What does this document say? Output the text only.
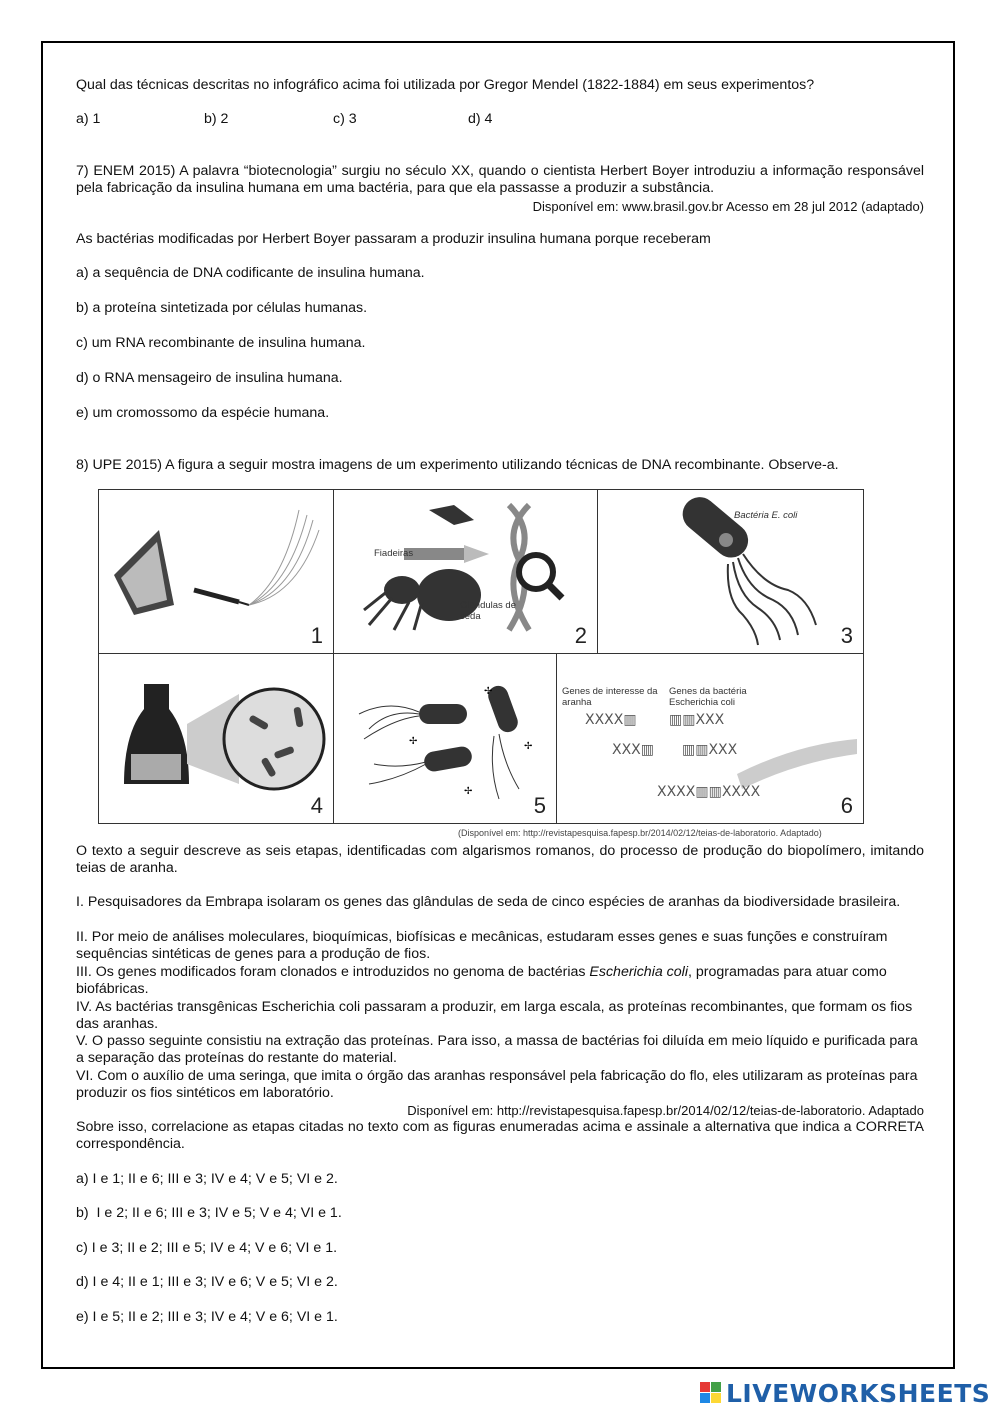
Qual das técnicas descritas no infográfico acima foi utilizada por Gregor Mendel (1822-1884) em seus experimentos?

a) 1	b) 2	c) 3	d) 4

7) ENEM 2015) A palavra “biotecnologia” surgiu no século XX, quando o cientista Herbert Boyer introduziu a informação responsável pela fabricação da insulina humana em uma bactéria, para que ela passasse a produzir a substância.

Disponível em: www.brasil.gov.br Acesso em 28 jul 2012 (adaptado)

As bactérias modificadas por Herbert Boyer passaram a produzir insulina humana porque receberam

a) a sequência de DNA codificante de insulina humana.

b) a proteína sintetizada por células humanas.

c) um RNA recombinante de insulina humana.

d) o RNA mensageiro de insulina humana.

e) um cromossomo da espécie humana.

8) UPE 2015) A figura a seguir mostra imagens de um experimento utilizando técnicas de DNA recombinante. Observe-a.

1
Fiadeiras
Glândulas de seda
2
Bactéria E. coli
3
4
✢
✢	✢
✢
5
XXXX▥ ▥▥XXX
XXX▥ ▥▥XXX
XXXX▥▥XXXX
Genes de interesse da aranha
Genes da bactéria Escherichia coli
6
(Disponível em: http://revistapesquisa.fapesp.br/2014/02/12/teias-de-laboratorio. Adaptado)

O texto a seguir descreve as seis etapas, identificadas com algarismos romanos, do processo de produção do biopolímero, imitando teias de aranha.

I. Pesquisadores da Embrapa isolaram os genes das glândulas de seda de cinco espécies de aranhas da biodiversidade brasileira.

II. Por meio de análises moleculares, bioquímicas, biofísicas e mecânicas, estudaram esses genes e suas funções e construíram sequências sintéticas de genes para a produção de fios.

III. Os genes modificados foram clonados e introduzidos no genoma de bactérias Escherichia coli, programadas para atuar como biofábricas.

IV. As bactérias transgênicas Escherichia coli passaram a produzir, em larga escala, as proteínas recombinantes, que formam os fios das aranhas.

V. O passo seguinte consistiu na extração das proteínas. Para isso, a massa de bactérias foi diluída em meio líquido e purificada para a separação das proteínas do restante do material.

VI. Com o auxílio de uma seringa, que imita o órgão das aranhas responsável pela fabricação do flo, eles utilizaram as proteínas para produzir os fios sintéticos em laboratório.

Disponível em: http://revistapesquisa.fapesp.br/2014/02/12/teias-de-laboratorio. Adaptado

Sobre isso, correlacione as etapas citadas no texto com as figuras enumeradas acima e assinale a alternativa que indica a CORRETA correspondência.

a) I e 1; II e 6; III e 3; IV e 4; V e 5; VI e 2.

b)  I e 2; II e 6; III e 3; IV e 5; V e 4; VI e 1.

c) I e 3; II e 2; III e 5; IV e 4; V e 6; VI e 1.

d) I e 4; II e 1; III e 3; IV e 6; V e 5; VI e 2.

e) I e 5; II e 2; III e 3; IV e 4; V e 6; VI e 1.

LIVEWORKSHEETS
